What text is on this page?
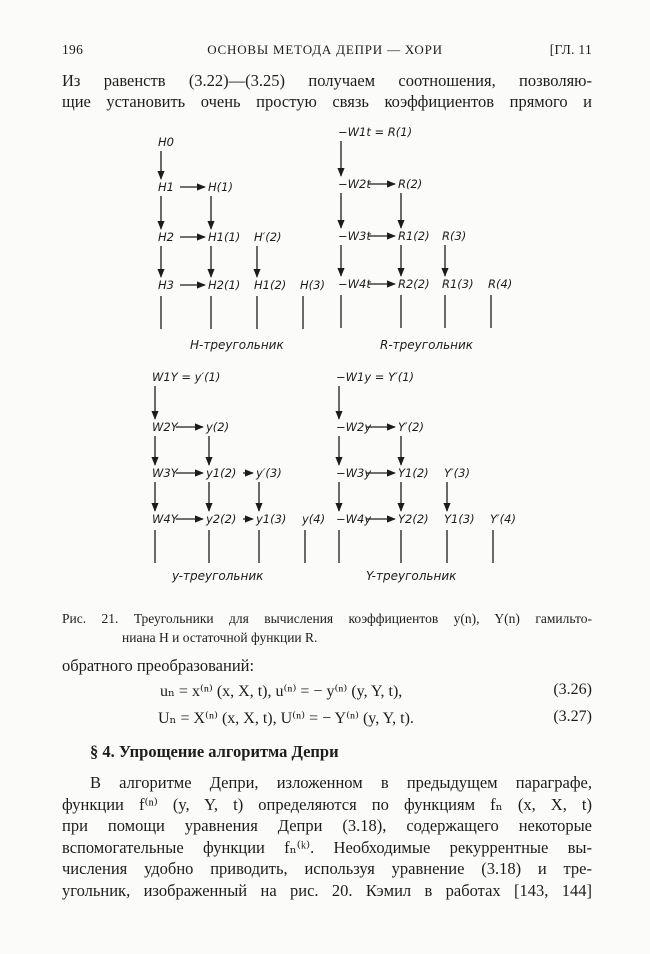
196	ОСНОВЫ МЕТОДА ДЕПРИ — ХОРИ	[ГЛ. 11
Из равенств (3.22)—(3.25) получаем соотношения, позволяю-
щие установить очень простую связь коэффициентов прямого и
H0
H1	H(1)
H2	H1(1) H′(2)
H3	H2(1) H1(2) H(3)
H-треугольник
−W1t = R(1)
−W2t R(2)
−W3t R1(2) R(3)
−W4t R2(2) R1(3) R(4)
R-треугольник
W1Y = y′(1)
W2Y y(2)
W3Y y1(2) y′(3)
W4Y y2(2) y1(3) y(4)
y-треугольник
−W1y = Y′(1)
−W2y Y′(2)
−W3y Y1(2) Y′(3)
−W4y Y2(2) Y1(3) Y′(4)
Y-треугольник
Рис. 21. Треугольники для вычисления коэффициентов y(n), Y(n) гамильто-
ниана H и остаточной функции R.
обратного преобразований:
uₙ = x⁽ⁿ⁾ (x, X, t), u⁽ⁿ⁾ = − y⁽ⁿ⁾ (y, Y, t),	(3.26)
Uₙ = X⁽ⁿ⁾ (x, X, t), U⁽ⁿ⁾ = − Y⁽ⁿ⁾ (y, Y, t).	(3.27)
§ 4. Упрощение алгоритма Депри
В алгоритме Депри, изложенном в предыдущем параграфе,
функции f⁽ⁿ⁾ (y, Y, t) определяются по функциям fₙ (x, X, t)
при помощи уравнения Депри (3.18), содержащего некоторые
вспомогательные функции fₙ⁽ᵏ⁾. Необходимые рекуррентные вы-
числения удобно приводить, используя уравнение (3.18) и тре-
угольник, изображенный на рис. 20. Кэмил в работах [143, 144]
